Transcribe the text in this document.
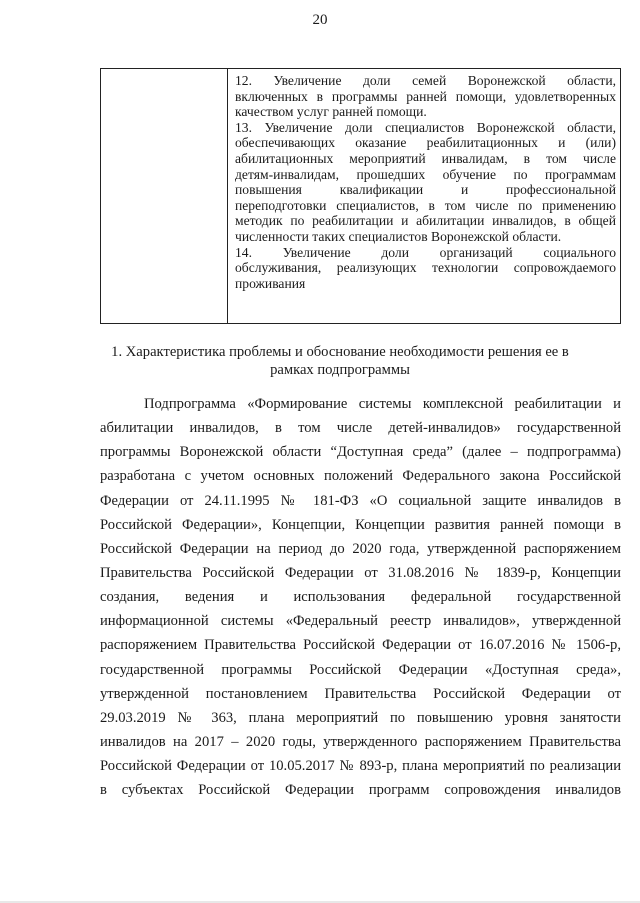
20

12. Увеличение доли семей Воронежской области,
включенных в программы ранней помощи, удовлетворенных
качеством услуг ранней помощи.

13. Увеличение доли специалистов Воронежской области,
обеспечивающих оказание реабилитационных и (или)
абилитационных мероприятий инвалидам, в том числе
детям-инвалидам, прошедших обучение по программам
повышения квалификации и профессиональной
переподготовки специалистов, в том числе по применению
методик по реабилитации и абилитации инвалидов, в общей
численности таких специалистов Воронежской области.

14. Увеличение доли организаций социального
обслуживания, реализующих технологии сопровождаемого
проживания

1. Характеристика проблемы и обоснование необходимости решения ее в
рамках подпрограммы
Подпрограмма «Формирование системы комплексной реабилитации и
абилитации инвалидов, в том числе детей-инвалидов» государственной
программы Воронежской области “Доступная среда” (далее – подпрограмма)
разработана с учетом основных положений Федерального закона Российской
Федерации от 24.11.1995 № 181-ФЗ «О социальной защите инвалидов в
Российской Федерации», Концепции, Концепции развития ранней помощи в
Российской Федерации на период до 2020 года, утвержденной распоряжением
Правительства Российской Федерации от 31.08.2016 № 1839-р, Концепции
создания, ведения и использования федеральной государственной
информационной системы «Федеральный реестр инвалидов», утвержденной
распоряжением Правительства Российской Федерации от 16.07.2016 № 1506-р,
государственной программы Российской Федерации «Доступная среда»,
утвержденной постановлением Правительства Российской Федерации от
29.03.2019 № 363, плана мероприятий по повышению уровня занятости
инвалидов на 2017 – 2020 годы, утвержденного распоряжением Правительства
Российской Федерации от 10.05.2017 № 893-р, плана мероприятий по реализации
в субъектах Российской Федерации программ сопровождения инвалидов
